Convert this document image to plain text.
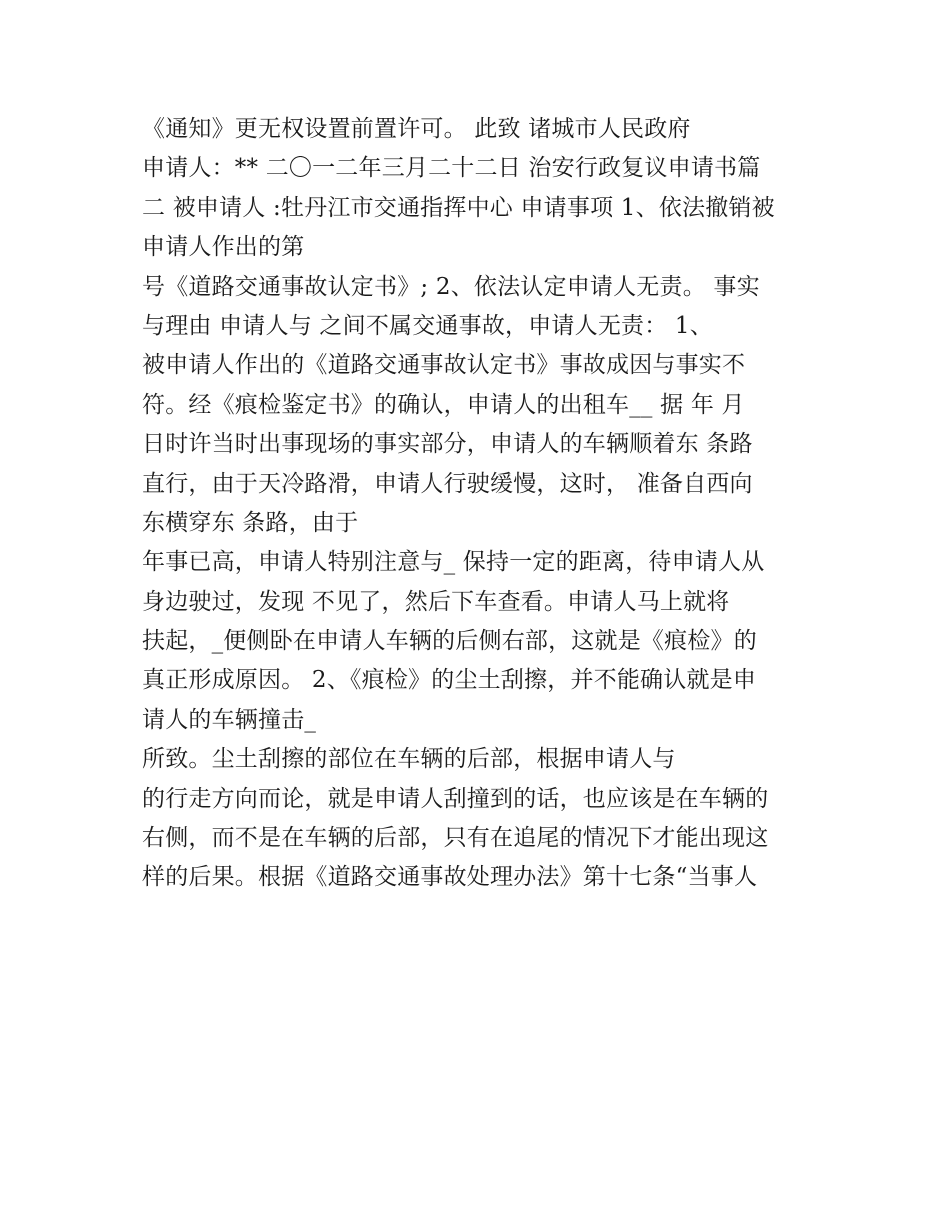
《通知》更无权设置前置许可。 此致 诸城市人民政府
申请人：** 二〇一二年三月二十二日 治安行政复议申请书篇
二 被申请人 :牡丹江市交通指挥中心 申请事项 1、依法撤销被
申请人作出的第
号《道路交通事故认定书》; 2、依法认定申请人无责。 事实
与理由 申请人与 之间不属交通事故，申请人无责： 1、
被申请人作出的《道路交通事故认定书》事故成因与事实不
符。经《痕检鉴定书》的确认，申请人的出租车__ 据 年 月
日时许当时出事现场的事实部分，申请人的车辆顺着东 条路
直行，由于天冷路滑，申请人行驶缓慢，这时， 准备自西向
东横穿东 条路，由于
年事已高，申请人特别注意与_ 保持一定的距离，待申请人从
身边驶过，发现 不见了，然后下车查看。申请人马上就将
扶起，_便侧卧在申请人车辆的后侧右部，这就是《痕检》的
真正形成原因。 2、《痕检》的尘土刮擦，并不能确认就是申
请人的车辆撞击_
所致。尘土刮擦的部位在车辆的后部，根据申请人与
的行走方向而论，就是申请人刮撞到的话，也应该是在车辆的
右侧，而不是在车辆的后部，只有在追尾的情况下才能出现这
样的后果。根据《道路交通事故处理办法》第十七条“当事人
